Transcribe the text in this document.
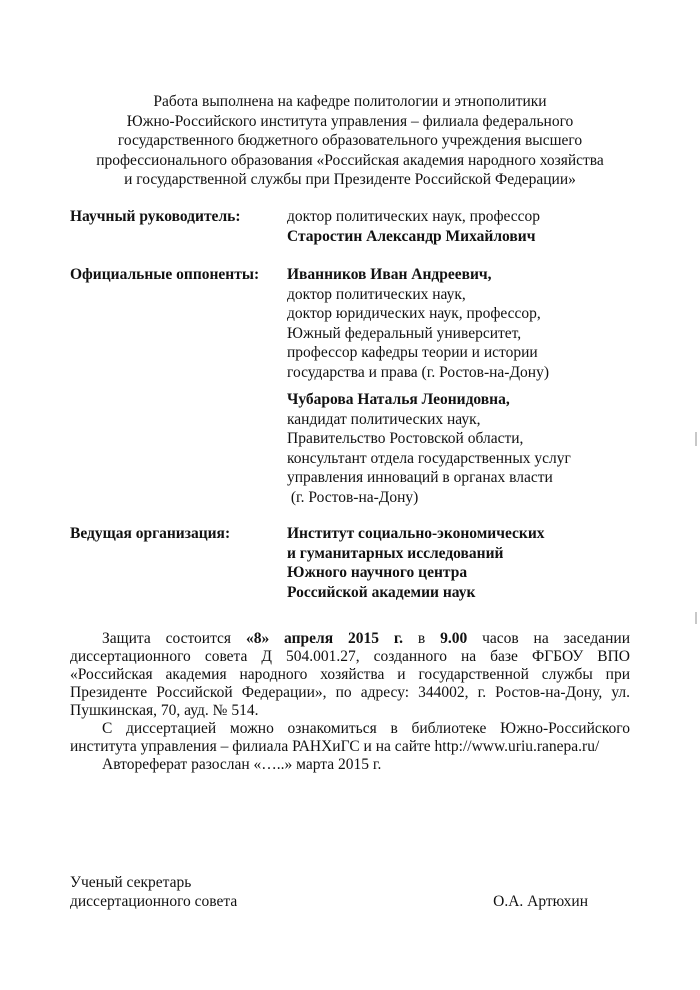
Работа выполнена на кафедре политологии и этнополитики
Южно-Российского института управления – филиала федерального
государственного бюджетного образовательного учреждения высшего
профессионального образования «Российская академия народного хозяйства
и государственной службы при Президенте Российской Федерации»
Научный руководитель:	доктор политических наук, профессор
Старостин Александр Михайлович
Официальные оппоненты: Иванников Иван Андреевич,
доктор политических наук,
доктор юридических наук, профессор,
Южный федеральный университет,
профессор кафедры теории и истории
государства и права (г. Ростов-на-Дону)
Чубарова Наталья Леонидовна,
кандидат политических наук,
Правительство Ростовской области,
консультант отдела государственных услуг
управления инноваций в органах власти
(г. Ростов-на-Дону)
Ведущая организация:	Институт социально-экономических
и гуманитарных исследований
Южного научного центра
Российской академии наук

Защита состоится «8» апреля 2015 г. в 9.00 часов на заседании диссертационного совета Д 504.001.27, созданного на базе ФГБОУ ВПО «Российская академия народного хозяйства и государственной службы при Президенте Российской Федерации», по адресу: 344002, г. Ростов-на-Дону, ул. Пушкинская, 70, ауд. № 514.

С диссертацией можно ознакомиться в библиотеке Южно-Российского института управления – филиала РАНХиГС и на сайте http://www.uriu.ranepa.ru/

Автореферат разослан «…..» марта 2015 г.

Ученый секретарь
диссертационного совета	О.А. Артюхин
